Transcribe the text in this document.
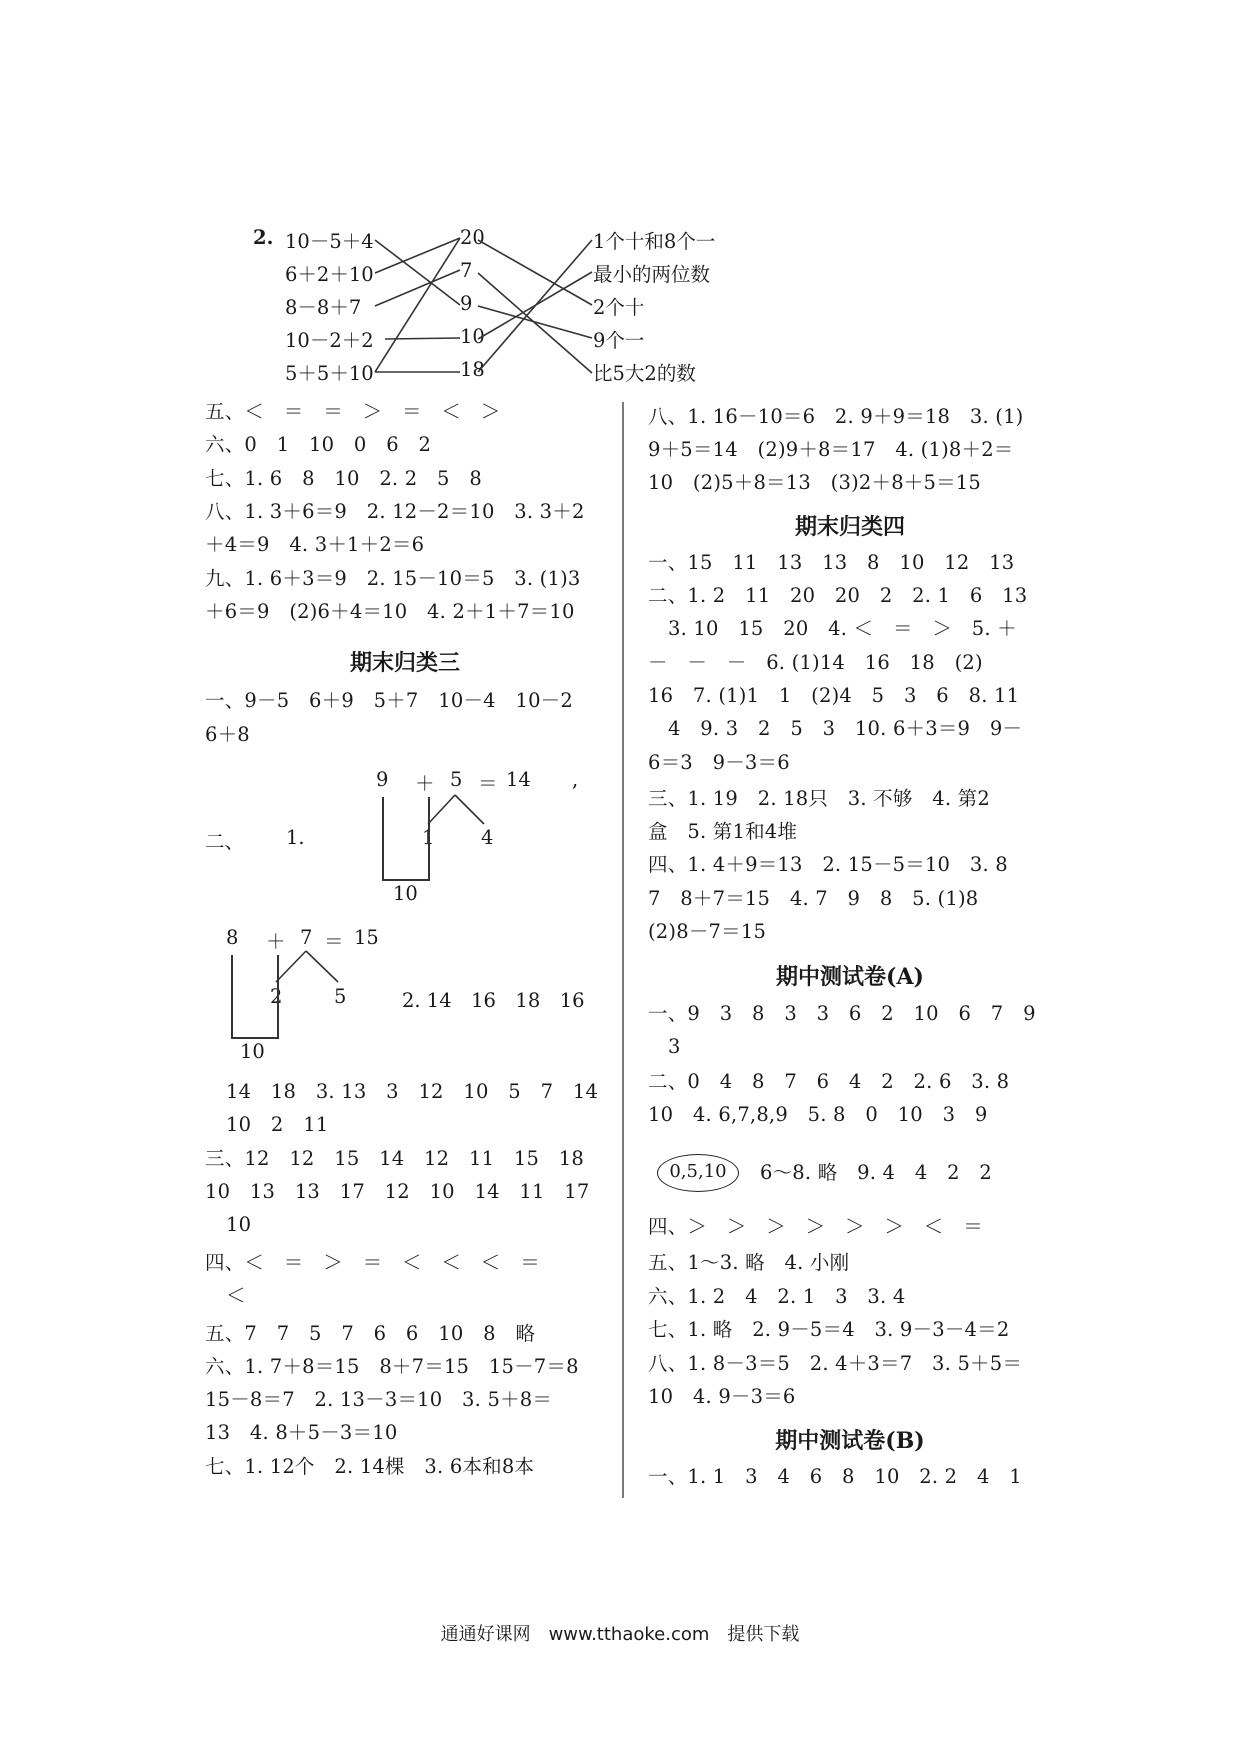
2. 10－5＋4
6＋2＋10
8－8＋7
10－2＋2
5＋5＋10
20
7
9
10
18
1个十和8个一
最小的两位数
2个十
9个一
比5大2的数
五、＜　＝　＝　＞　＝　＜　＞
六、0　1　10　0　6　2
七、1. 6　8　10　2. 2　5　8
八、1. 3＋6＝9　2. 12－2＝10　3. 3＋2
＋4＝9　4. 3＋1＋2＝6
九、1. 6＋3＝9　2. 15－10＝5　3. (1)3
＋6＝9　(2)6＋4＝10　4. 2＋1＋7＝10
期末归类三
一、9－5　6＋9　5＋7　10－4　10－2
6＋8
二、 1.
9 ＋ 5 ＝ 14 ,
1 4
10
8 ＋ 7 ＝ 15
2	5
10
2. 14　16　18　16
14　18　3. 13　3　12　10　5　7　14
10　2　11
三、12　12　15　14　12　11　15　18
10　13　13　17　12　10　14　11　17
10
四、＜　＝　＞　＝　＜　＜　＜　＝
＜
五、7　7　5　7　6　6　10　8　略
六、1. 7＋8＝15　8＋7＝15　15－7＝8
15－8＝7　2. 13－3＝10　3. 5＋8＝
13　4. 8＋5－3＝10
七、1. 12个　2. 14棵　3. 6本和8本
八、1. 16－10＝6　2. 9＋9＝18　3. (1)
9＋5＝14　(2)9＋8＝17　4. (1)8＋2＝
10　(2)5＋8＝13　(3)2＋8＋5＝15
期末归类四
一、15　11　13　13　8　10　12　13
二、1. 2　11　20　20　2　2. 1　6　13
3. 10　15　20　4. ＜　＝　＞　5. ＋
－　－　－　6. (1)14　16　18　(2)
16　7. (1)1　1　(2)4　5　3　6　8. 11
4　9. 3　2　5　3　10. 6＋3＝9　9－
6＝3　9－3＝6
三、1. 19　2. 18只　3. 不够　4. 第2
盒　5. 第1和4堆
四、1. 4＋9＝13　2. 15－5＝10　3. 8
7　8＋7＝15　4. 7　9　8　5. (1)8
(2)8－7＝15
期中测试卷(A)
一、9　3　8　3　3　6　2　10　6　7　9
3
二、0　4　8　7　6　4　2　2. 6　3. 8
10　4. 6,7,8,9　5. 8　0　10　3　9
0,5,10	6～8. 略　9. 4　4　2　2
四、＞　＞　＞　＞　＞　＞　＜　＝
五、1～3. 略　4. 小刚
六、1. 2　4　2. 1　3　3. 4
七、1. 略　2. 9－5＝4　3. 9－3－4＝2
八、1. 8－3＝5　2. 4＋3＝7　3. 5＋5＝
10　4. 9－3＝6
期中测试卷(B)
一、1. 1　3　4　6　8　10　2. 2　4　1
通通好课网　www.tthaoke.com　提供下载
